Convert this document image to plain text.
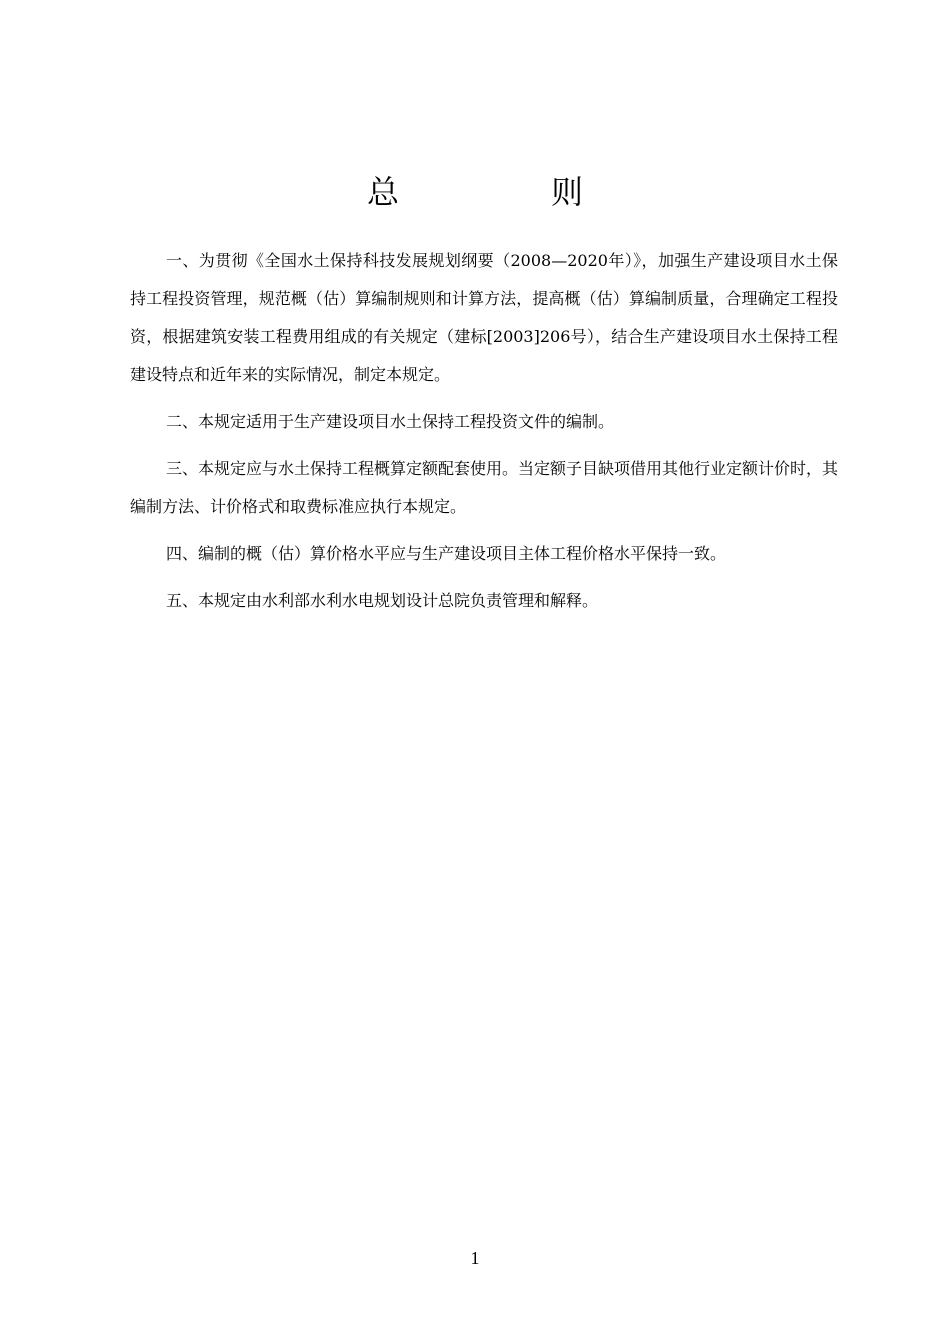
总　则

一、为贯彻《全国水土保持科技发展规划纲要（2008—2020年）》，加强生产建设项目水土保持工程投资管理，规范概（估）算编制规则和计算方法，提高概（估）算编制质量，合理确定工程投资，根据建筑安装工程费用组成的有关规定（建标[2003]206号），结合生产建设项目水土保持工程建设特点和近年来的实际情况，制定本规定。

二、本规定适用于生产建设项目水土保持工程投资文件的编制。

三、本规定应与水土保持工程概算定额配套使用。当定额子目缺项借用其他行业定额计价时，其编制方法、计价格式和取费标准应执行本规定。

四、编制的概（估）算价格水平应与生产建设项目主体工程价格水平保持一致。

五、本规定由水利部水利水电规划设计总院负责管理和解释。

1
